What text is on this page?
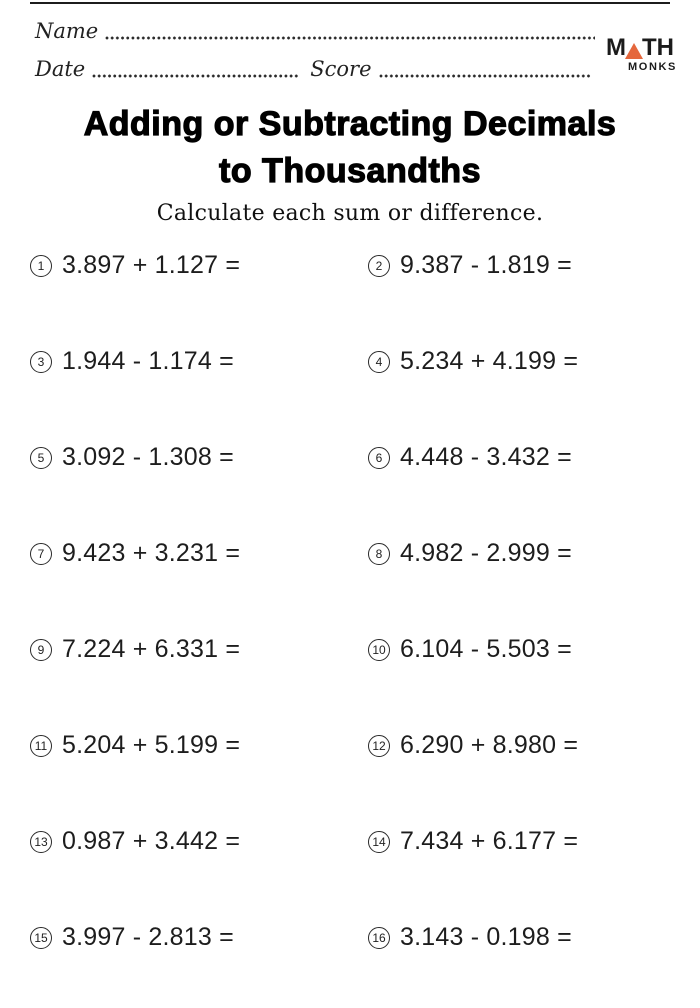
Name
Date	Score
M TH
MONKS
Adding or Subtracting Decimals
to Thousandths
Calculate each sum or difference.
1 3.897 + 1.127 =	2 9.387 - 1.819 =
3 1.944 - 1.174 =	4 5.234 + 4.199 =
5 3.092 - 1.308 =	6 4.448 - 3.432 =
7 9.423 + 3.231 =	8 4.982 - 2.999 =
9 7.224 + 6.331 =	10 6.104 - 5.503 =
11 5.204 + 5.199 =	12 6.290 + 8.980 =
13 0.987 + 3.442 =	14 7.434 + 6.177 =
15 3.997 - 2.813 =	16 3.143 - 0.198 =
